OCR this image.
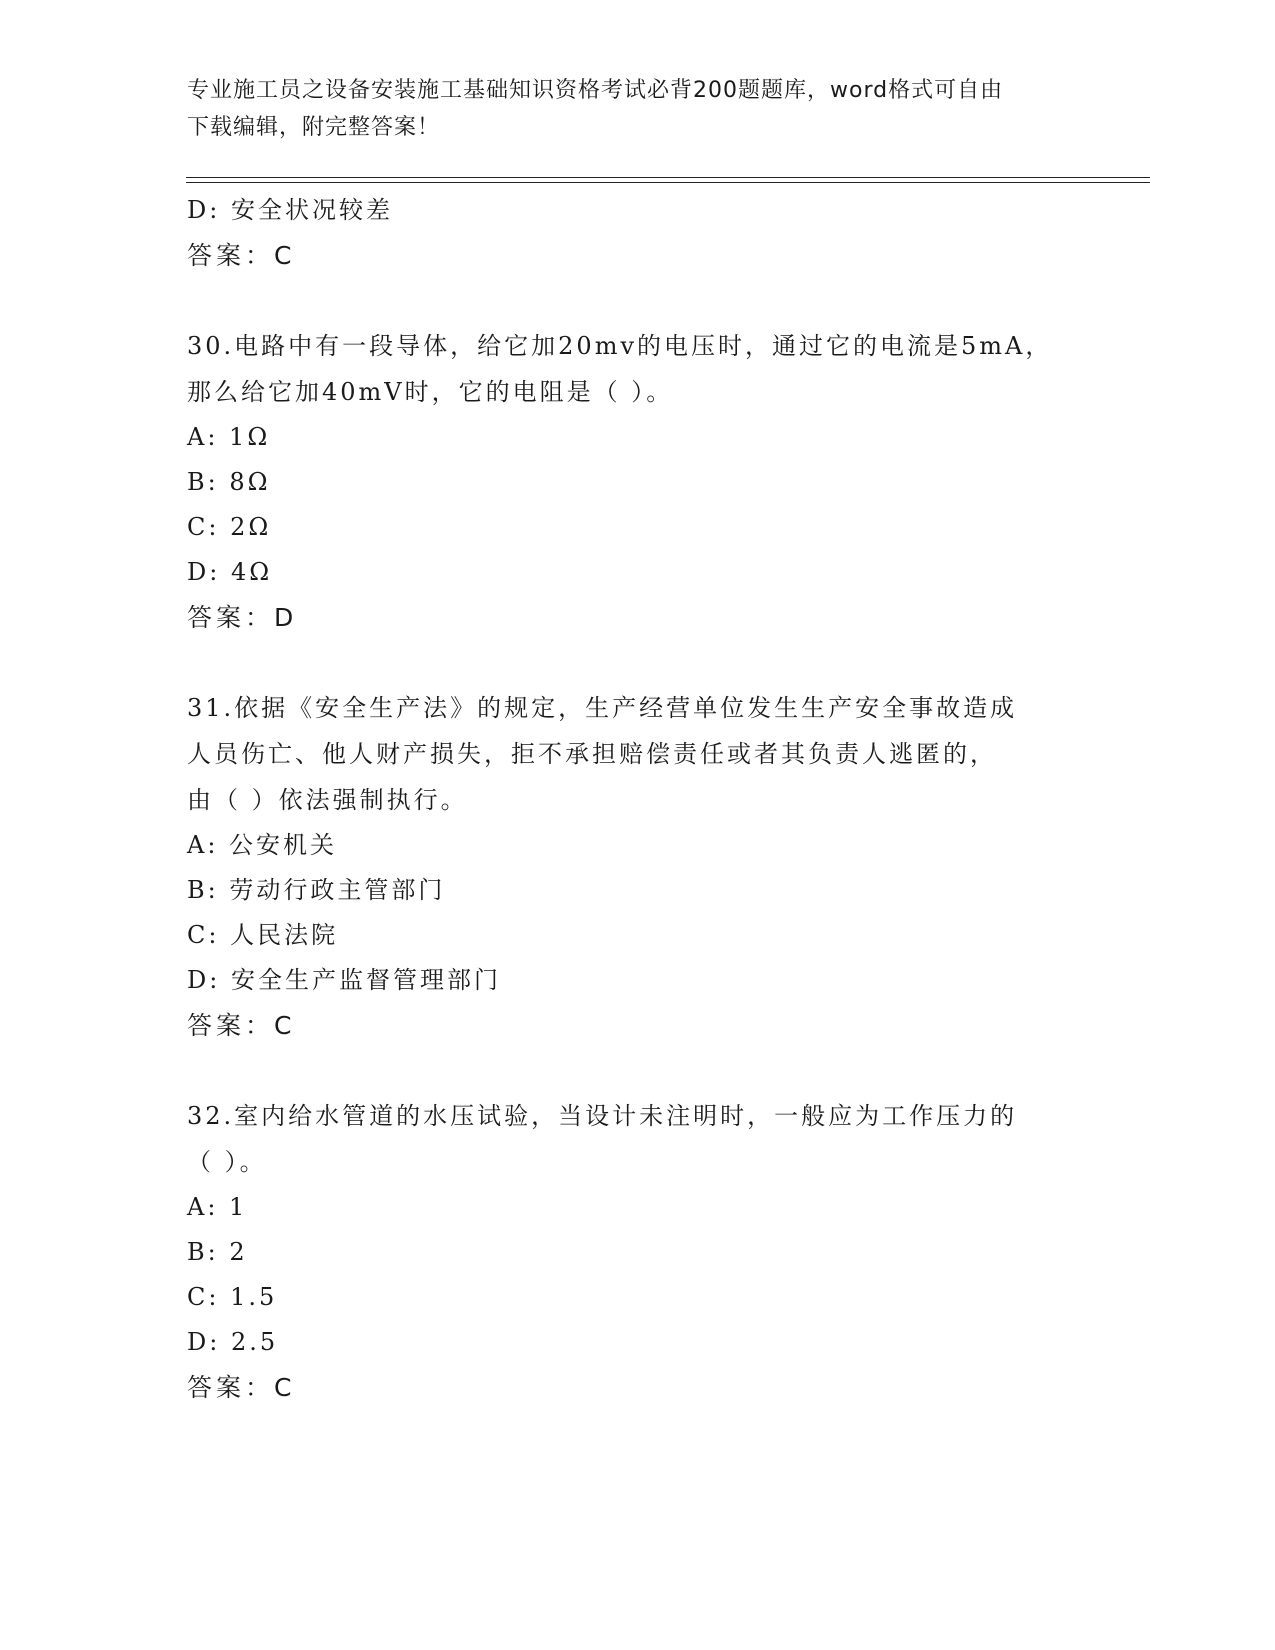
专业施工员之设备安装施工基础知识资格考试必背200题题库，word格式可自由
下载编辑，附完整答案！
D: 安全状况较差
答案：C
30.电路中有一段导体，给它加20mv的电压时，通过它的电流是5mA，
那么给它加40mV时，它的电阻是（ ）。
A: 1Ω
B: 8Ω
C: 2Ω
D: 4Ω
答案：D
31.依据《安全生产法》的规定，生产经营单位发生生产安全事故造成
人员伤亡、他人财产损失，拒不承担赔偿责任或者其负责人逃匿的，
由（ ）依法强制执行。
A: 公安机关
B: 劳动行政主管部门
C: 人民法院
D: 安全生产监督管理部门
答案：C
32.室内给水管道的水压试验，当设计未注明时，一般应为工作压力的
（ ）。
A: 1
B: 2
C: 1.5
D: 2.5
答案：C
